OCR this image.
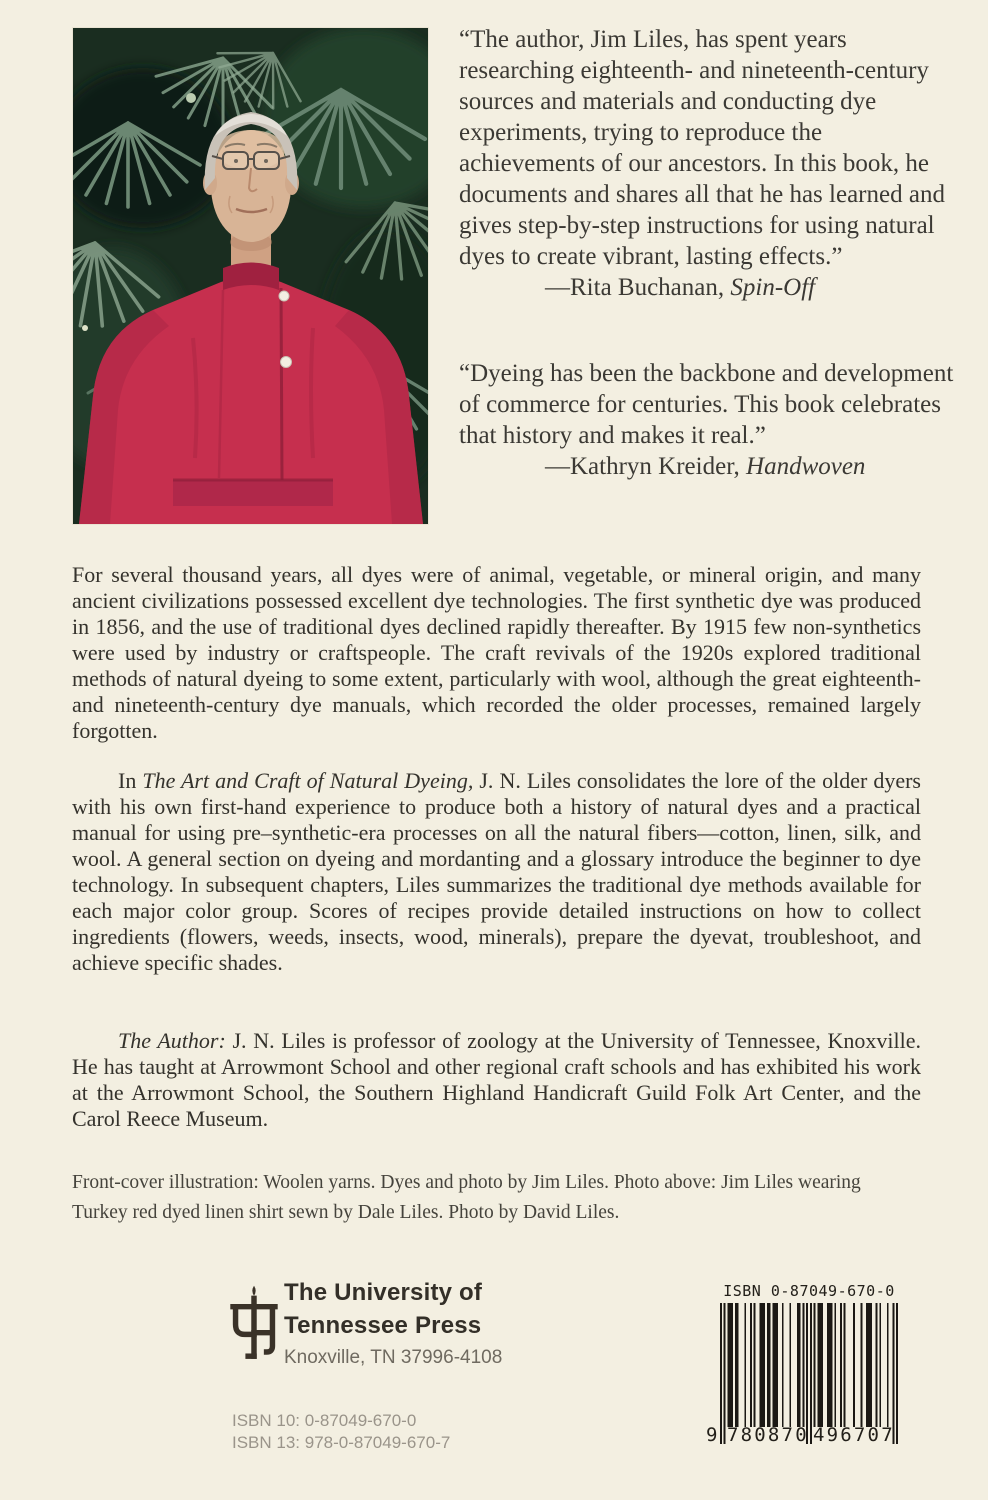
“The author, Jim Liles, has spent years researching eighteenth- and nineteenth-century sources and materials and conducting dye experiments, trying to reproduce the achievements of our ancestors. In this book, he documents and shares all that he has learned and gives step-by-step instructions for using natural dyes to create vibrant, lasting effects.”

—Rita Buchanan, Spin-Off

“Dyeing has been the backbone and development of commerce for centuries. This book celebrates that history and makes it real.”

—Kathryn Kreider, Handwoven

For several thousand years, all dyes were of animal, vegetable, or mineral origin, and many ancient civilizations possessed excellent dye technologies. The first synthetic dye was produced in 1856, and the use of traditional dyes declined rapidly thereafter. By 1915 few non-synthetics were used by industry or craftspeople. The craft revivals of the 1920s explored traditional methods of natural dyeing to some extent, particularly with wool, although the great eighteenth- and nineteenth-century dye manuals, which recorded the older processes, remained largely forgotten.

In The Art and Craft of Natural Dyeing, J. N. Liles consolidates the lore of the older dyers with his own first-hand experience to produce both a history of natural dyes and a practical manual for using pre–synthetic-era processes on all the natural fibers—cotton, linen, silk, and wool. A general section on dyeing and mordanting and a glossary introduce the beginner to dye technology. In subsequent chapters, Liles summarizes the traditional dye methods available for each major color group. Scores of recipes provide detailed instructions on how to collect ingredients (flowers, weeds, insects, wood, minerals), prepare the dyevat, troubleshoot, and achieve specific shades.

The Author: J. N. Liles is professor of zoology at the University of Tennessee, Knoxville. He has taught at Arrowmont School and other regional craft schools and has exhibited his work at the Arrowmont School, the Southern Highland Handicraft Guild Folk Art Center, and the Carol Reece Museum.

Front-cover illustration: Woolen yarns. Dyes and photo by Jim Liles. Photo above: Jim Liles wearing Turkey red dyed linen shirt sewn by Dale Liles. Photo by David Liles.

The University of
Tennessee Press
Knoxville, TN 37996-4108
ISBN 0-87049-670-0
9 780870 496707
ISBN 10: 0-87049-670-0
ISBN 13: 978-0-87049-670-7
